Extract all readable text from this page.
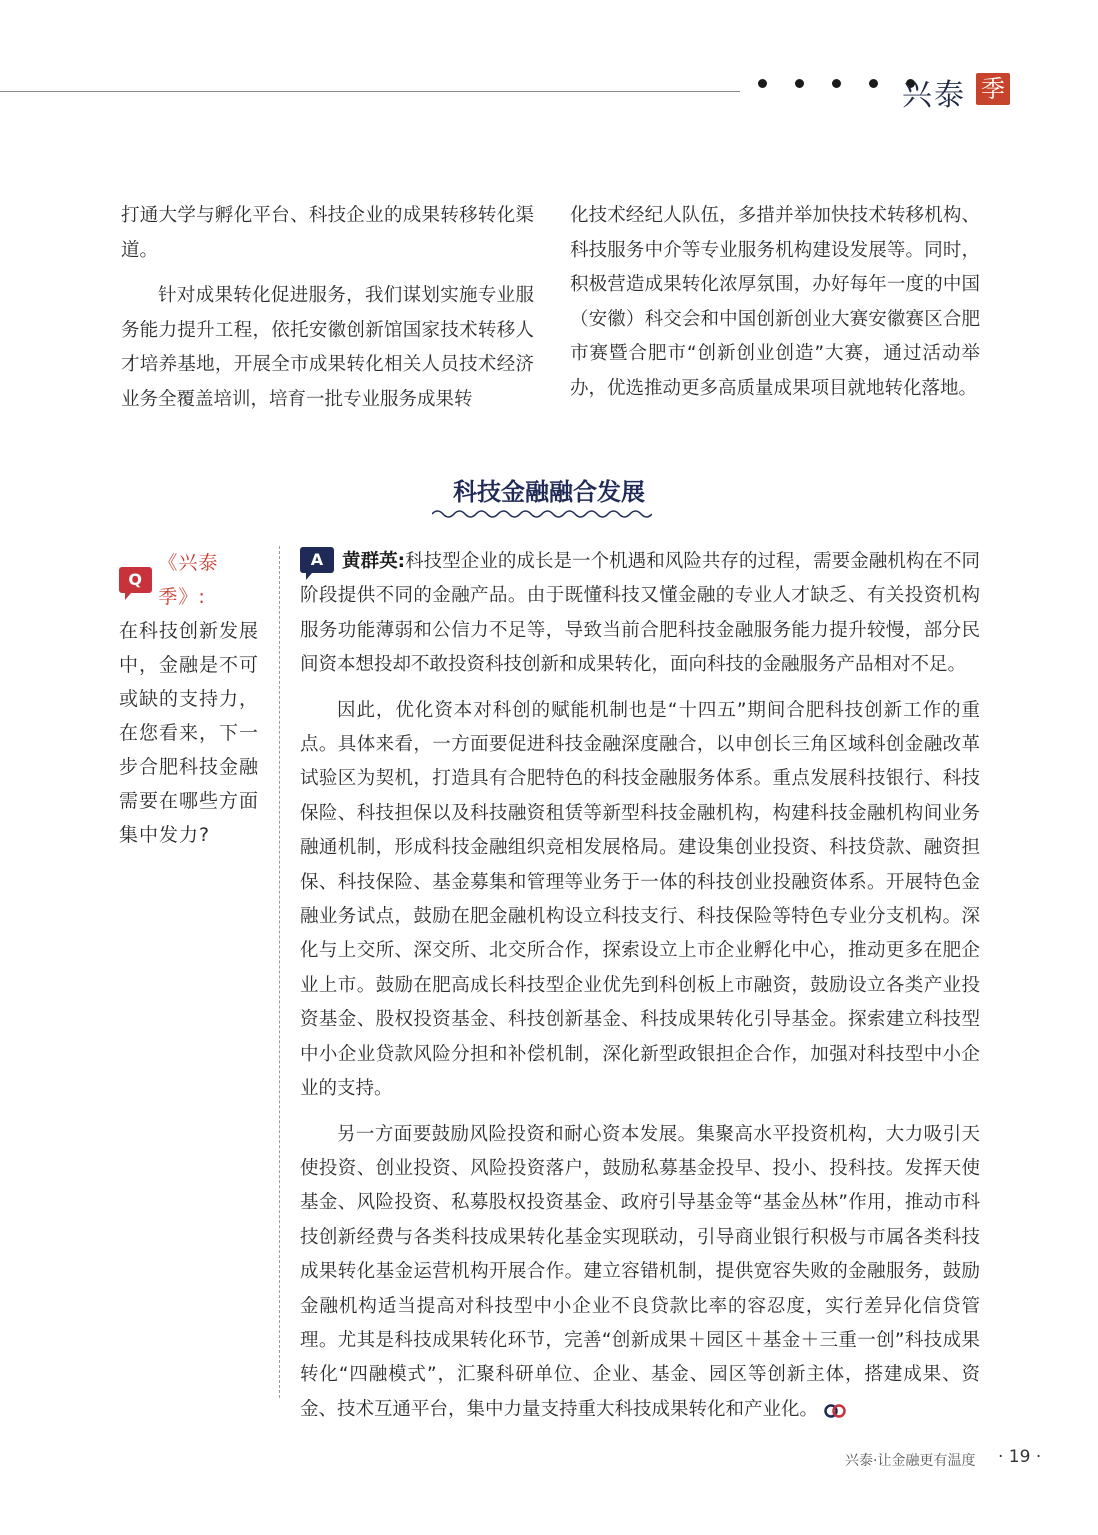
兴泰 季

打通大学与孵化平台、科技企业的成果转移转化渠道。

针对成果转化促进服务，我们谋划实施专业服务能力提升工程，依托安徽创新馆国家技术转移人才培养基地，开展全市成果转化相关人员技术经济业务全覆盖培训，培育一批专业服务成果转

化技术经纪人队伍，多措并举加快技术转移机构、科技服务中介等专业服务机构建设发展等。同时，积极营造成果转化浓厚氛围，办好每年一度的中国（安徽）科交会和中国创新创业大赛安徽赛区合肥市赛暨合肥市“创新创业创造”大赛，通过活动举办，优选推动更多高质量成果项目就地转化落地。

科技金融融合发展
Q
《兴泰季》:
在科技创新发展中，金融是不可或缺的支持力，在您看来，下一步合肥科技金融需要在哪些方面集中发力?

A 黄群英:科技型企业的成长是一个机遇和风险共存的过程，需要金融机构在不同阶段提供不同的金融产品。由于既懂科技又懂金融的专业人才缺乏、有关投资机构服务功能薄弱和公信力不足等，导致当前合肥科技金融服务能力提升较慢，部分民间资本想投却不敢投资科技创新和成果转化，面向科技的金融服务产品相对不足。

因此，优化资本对科创的赋能机制也是“十四五”期间合肥科技创新工作的重点。具体来看，一方面要促进科技金融深度融合，以申创长三角区域科创金融改革试验区为契机，打造具有合肥特色的科技金融服务体系。重点发展科技银行、科技保险、科技担保以及科技融资租赁等新型科技金融机构，构建科技金融机构间业务融通机制，形成科技金融组织竞相发展格局。建设集创业投资、科技贷款、融资担保、科技保险、基金募集和管理等业务于一体的科技创业投融资体系。开展特色金融业务试点，鼓励在肥金融机构设立科技支行、科技保险等特色专业分支机构。深化与上交所、深交所、北交所合作，探索设立上市企业孵化中心，推动更多在肥企业上市。鼓励在肥高成长科技型企业优先到科创板上市融资，鼓励设立各类产业投资基金、股权投资基金、科技创新基金、科技成果转化引导基金。探索建立科技型中小企业贷款风险分担和补偿机制，深化新型政银担企合作，加强对科技型中小企业的支持。

另一方面要鼓励风险投资和耐心资本发展。集聚高水平投资机构，大力吸引天使投资、创业投资、风险投资落户，鼓励私募基金投早、投小、投科技。发挥天使基金、风险投资、私募股权投资基金、政府引导基金等“基金丛林”作用，推动市科技创新经费与各类科技成果转化基金实现联动，引导商业银行积极与市属各类科技成果转化基金运营机构开展合作。建立容错机制，提供宽容失败的金融服务，鼓励金融机构适当提高对科技型中小企业不良贷款比率的容忍度，实行差异化信贷管理。尤其是科技成果转化环节，完善“创新成果＋园区＋基金＋三重一创”科技成果转化“四融模式”，汇聚科研单位、企业、基金、园区等创新主体，搭建成果、资金、技术互通平台，集中力量支持重大科技成果转化和产业化。

兴泰·让金融更有温度 · 19 ·
